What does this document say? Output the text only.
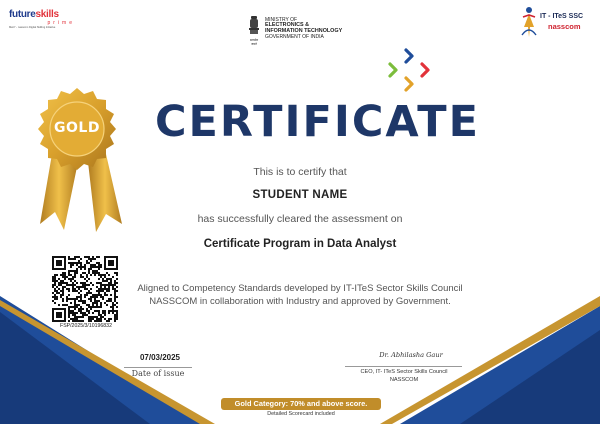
futureskills
prime
MeitY - nasscom Digital Skilling Initiative
सत्यमेव जयते
MINISTRY OF
ELECTRONICS &
INFORMATION TECHNOLOGY
GOVERNMENT OF INDIA
IT - ITeS SSC
nasscom
GOLD CERTIFICATE
This is to certify that
STUDENT NAME
has successfully cleared the assessment on
Certificate Program in Data Analyst
Aligned to Competency Standards developed by IT-ITeS Sector Skills Council
NASSCOM in collaboration with Industry and approved by Government.
FSP/2025/3/10196832
07/03/2025
Date of issue
Dr. Abhilasha Gaur
CEO, IT- ITeS Sector Skills Council
NASSCOM
Gold Category: 70% and above score.
Detailed Scorecard included
